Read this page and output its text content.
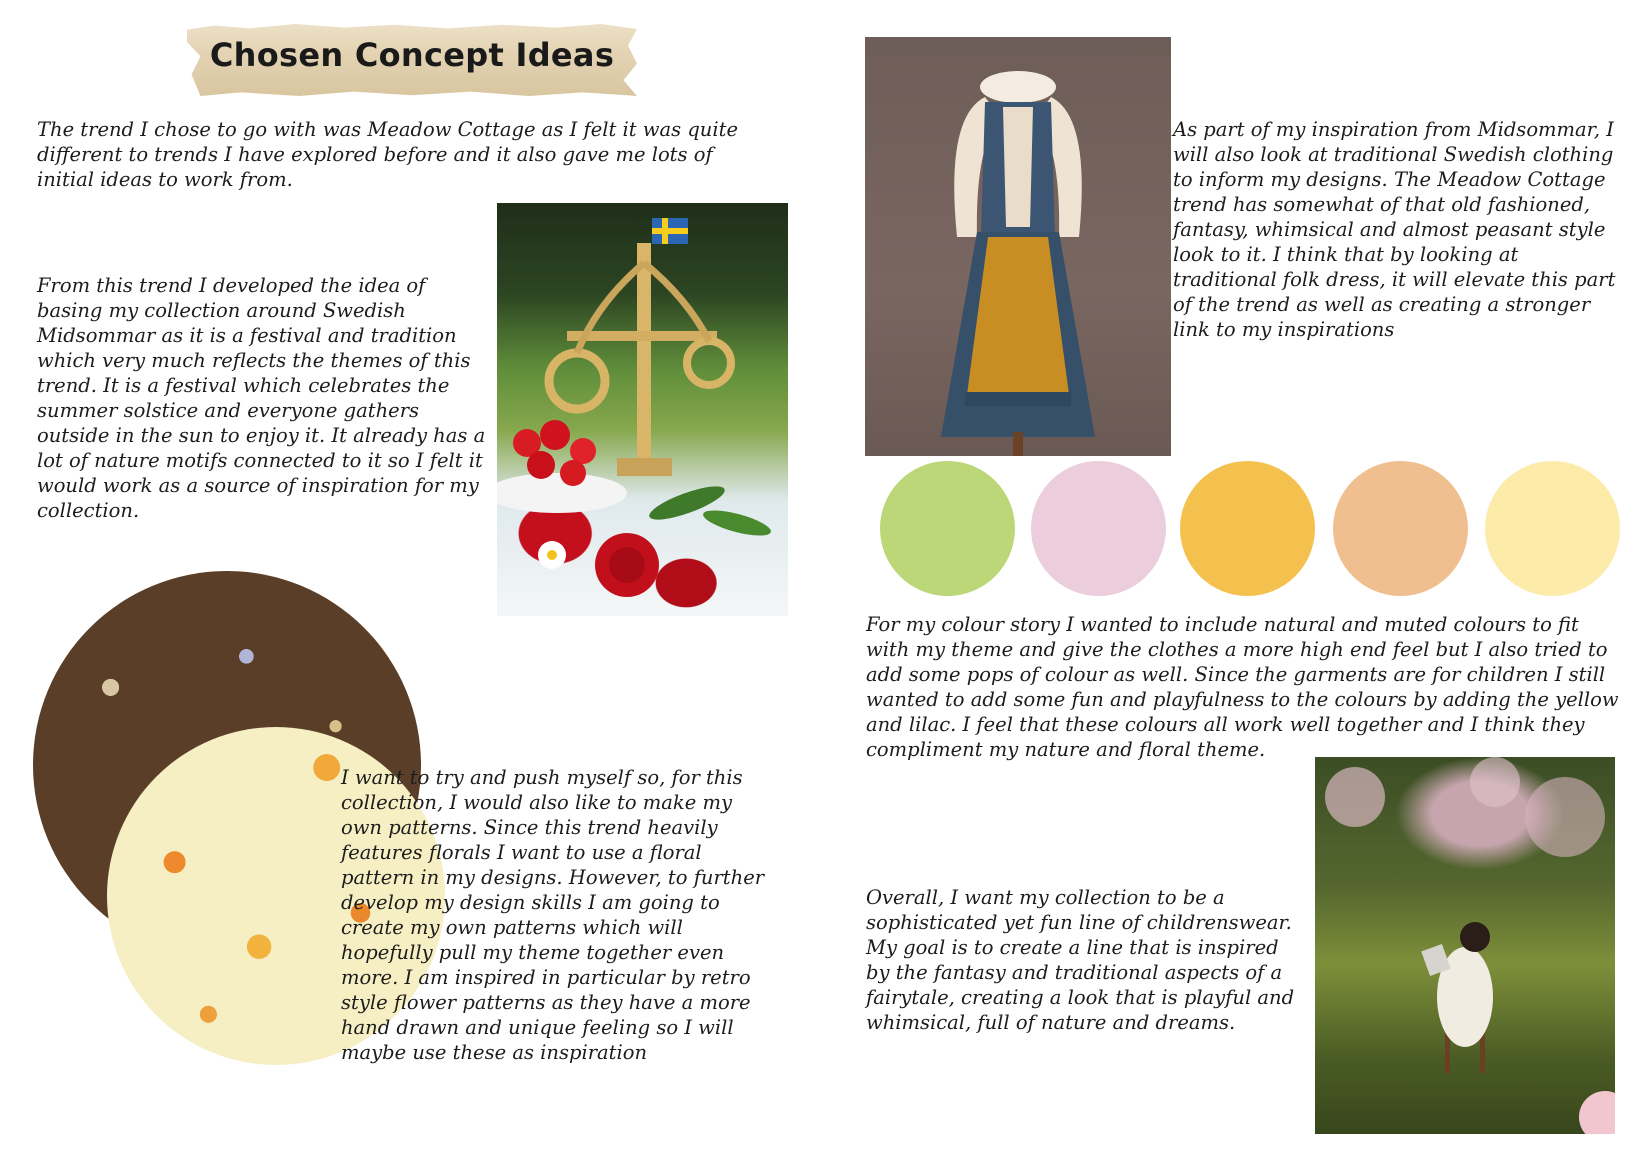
Chosen Concept Ideas

The trend I chose to go with was Meadow Cottage as I felt it was quite different to trends I have explored before and it also gave me lots of initial ideas to work from.

From this trend I developed the idea of basing my collection around Swedish Midsommar as it is a festival and tradition which very much reflects the themes of this trend. It is a festival which celebrates the summer solstice and everyone gathers outside in the sun to enjoy it. It already has a lot of nature motifs connected to it so I felt it would work as a source of inspiration for my collection.

I want to try and push myself so, for this collection, I would also like to make my own patterns. Since this trend heavily features florals I want to use a floral pattern in my designs. However, to further develop my design skills I am going to create my own patterns which will hopefully pull my theme together even more. I am inspired in particular by retro style flower patterns as they have a more hand drawn and unique feeling so I will maybe use these as inspiration

As part of my inspiration from Midsommar, I will also look at traditional Swedish clothing to inform my designs. The Meadow Cottage trend has somewhat of that old fashioned, fantasy, whimsical and almost peasant style look to it. I think that by looking at traditional folk dress, it will elevate this part of the trend as well as creating a stronger link to my inspirations

For my colour story I wanted to include natural and muted colours to fit with my theme and give the clothes a more high end feel but I also tried to add some pops of colour as well. Since the garments are for children I still wanted to add some fun and playfulness to the colours by adding the yellow and lilac. I feel that these colours all work well together and I think they compliment my nature and floral theme.

Overall, I want my collection to be a sophisticated yet fun line of childrenswear. My goal is to create a line that is inspired by the fantasy and traditional aspects of a fairytale, creating a look that is playful and whimsical, full of nature and dreams.
